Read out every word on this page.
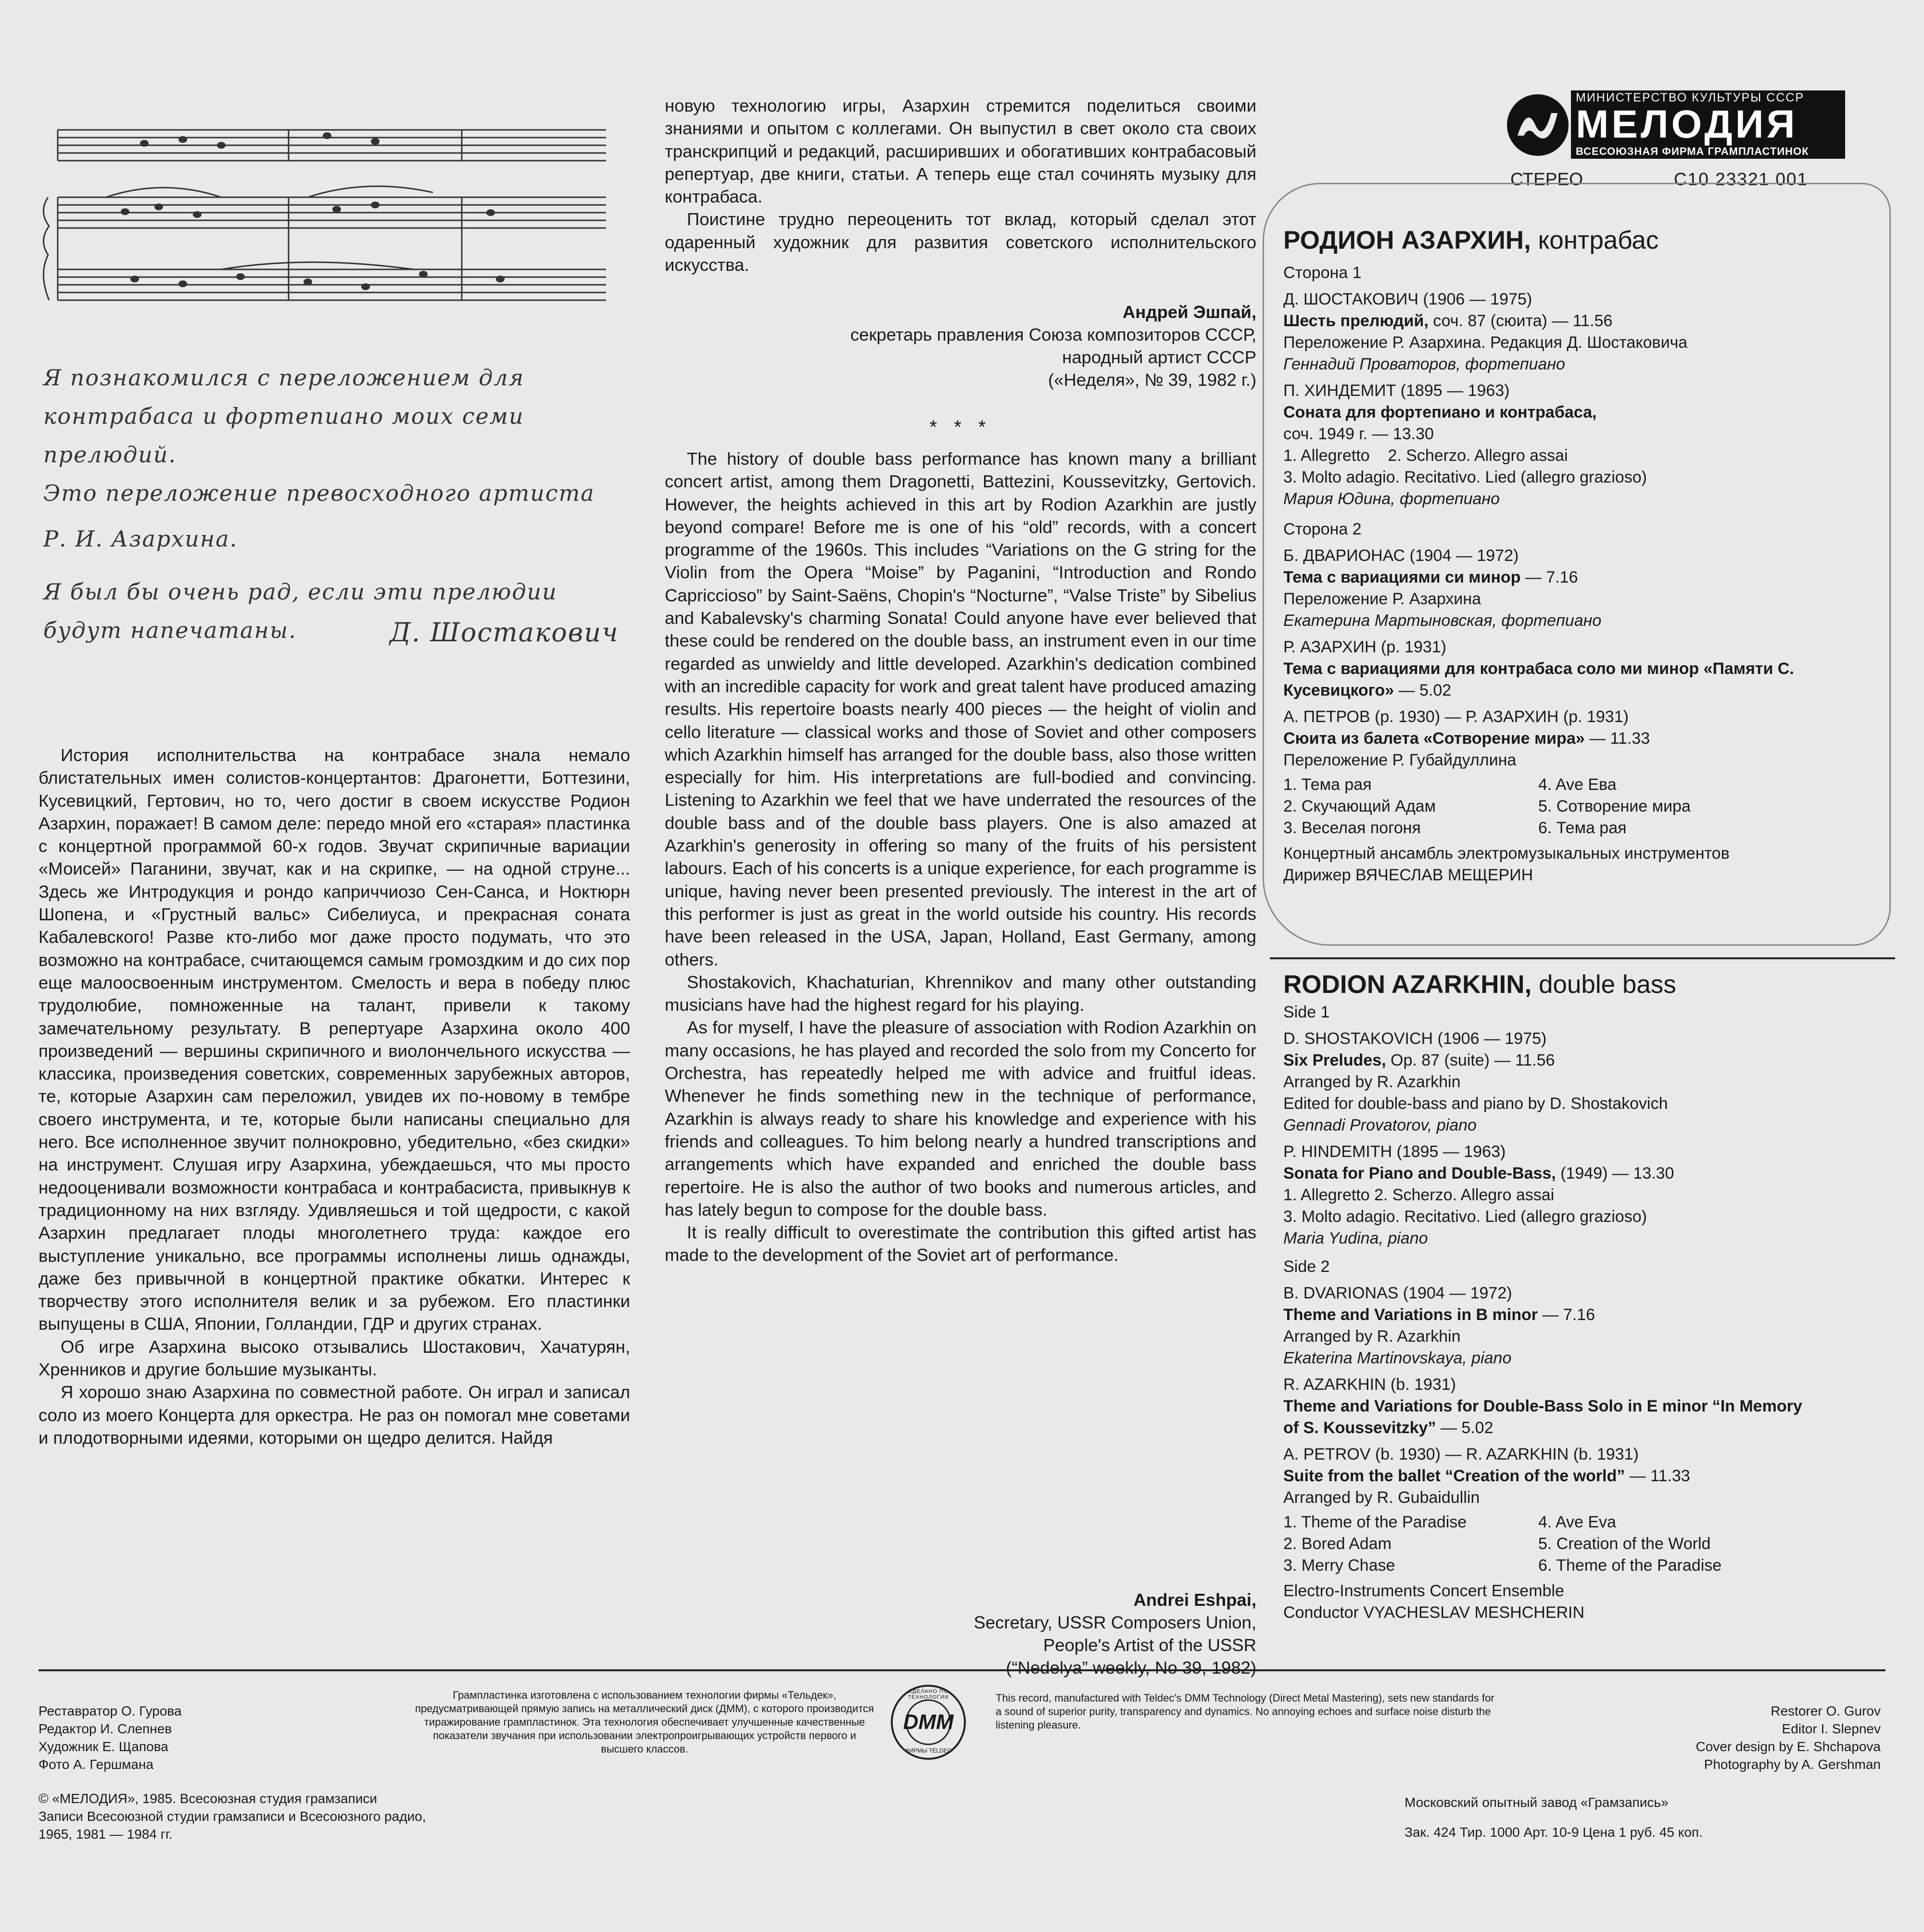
МИНИСТЕРСТВО КУЛЬТУРЫ СССР
МЕЛОДИЯ
ВСЕСОЮЗНАЯ ФИРМА ГРАМПЛАСТИНОК
СТЕРЕО	С10 23321 001
Я познакомился с переложением для
контрабаса и фортепиано моих семи
прелюдий.
Это переложение превосходного артиста
Р. И. Азархина.
Я был бы очень рад, если эти прелюдии
будут напечатаны.	Д. Шостакович

История исполнительства на контрабасе знала немало блистательных имен солистов-концертантов: Драгонетти, Боттезини, Кусевицкий, Гертович, но то, чего достиг в своем искусстве Родион Азархин, поражает! В самом деле: передо мной его «старая» пластинка с концертной программой 60-х годов. Звучат скрипичные вариации «Моисей» Паганини, звучат, как и на скрипке, — на одной струне... Здесь же Интродукция и рондо каприччиозо Сен-Санса, и Ноктюрн Шопена, и «Грустный вальс» Сибелиуса, и прекрасная соната Кабалевского! Разве кто-либо мог даже просто подумать, что это возможно на контрабасе, считающемся самым громоздким и до сих пор еще малоосвоенным инструментом. Смелость и вера в победу плюс трудолюбие, помноженные на талант, привели к такому замечательному результату. В репертуаре Азархина около 400 произведений — вершины скрипичного и виолончельного искусства — классика, произведения советских, современных зарубежных авторов, те, которые Азархин сам переложил, увидев их по-новому в тембре своего инструмента, и те, которые были написаны специально для него. Все исполненное звучит полнокровно, убедительно, «без скидки» на инструмент. Слушая игру Азархина, убеждаешься, что мы просто недооценивали возможности контрабаса и контрабасиста, привыкнув к традиционному на них взгляду. Удивляешься и той щедрости, с какой Азархин предлагает плоды многолетнего труда: каждое его выступление уникально, все программы исполнены лишь однажды, даже без привычной в концертной практике обкатки. Интерес к творчеству этого исполнителя велик и за рубежом. Его пластинки выпущены в США, Японии, Голландии, ГДР и других странах.

Об игре Азархина высоко отзывались Шостакович, Хачатурян, Хренников и другие большие музыканты.

Я хорошо знаю Азархина по совместной работе. Он играл и записал соло из моего Концерта для оркестра. Не раз он помогал мне советами и плодотворными идеями, которыми он щедро делится. Найдя

новую технологию игры, Азархин стремится поделиться своими знаниями и опытом с коллегами. Он выпустил в свет около ста своих транскрипций и редакций, расширивших и обогативших контрабасовый репертуар, две книги, статьи. А теперь еще стал сочинять музыку для контрабаса.

Поистине трудно переоценить тот вклад, который сделал этот одаренный художник для развития советского исполнительского искусства.

Андрей Эшпай,
секретарь правления Союза композиторов СССР,
народный артист СССР
(«Неделя», № 39, 1982 г.)
* * *

The history of double bass performance has known many a brilliant concert artist, among them Dragonetti, Battezini, Koussevitzky, Gertovich. However, the heights achieved in this art by Rodion Azarkhin are justly beyond compare! Before me is one of his “old” records, with a concert programme of the 1960s. This includes “Variations on the G string for the Violin from the Opera “Moise” by Paganini, “Introduction and Rondo Capriccioso” by Saint-Saëns, Chopin's “Nocturne”, “Valse Triste” by Sibelius and Kabalevsky's charming Sonata! Could anyone have ever believed that these could be rendered on the double bass, an instrument even in our time regarded as unwieldy and little developed. Azarkhin's dedication combined with an incredible capacity for work and great talent have produced amazing results. His repertoire boasts nearly 400 pieces — the height of violin and cello literature — classical works and those of Soviet and other composers which Azarkhin himself has arranged for the double bass, also those written especially for him. His interpretations are full-bodied and convincing. Listening to Azarkhin we feel that we have underrated the resources of the double bass and of the double bass players. One is also amazed at Azarkhin's generosity in offering so many of the fruits of his persistent labours. Each of his concerts is a unique experience, for each programme is unique, having never been presented previously. The interest in the art of this performer is just as great in the world outside his country. His records have been released in the USA, Japan, Holland, East Germany, among others.

Shostakovich, Khachaturian, Khrennikov and many other outstanding musicians have had the highest regard for his playing.

As for myself, I have the pleasure of association with Rodion Azarkhin on many occasions, he has played and recorded the solo from my Concerto for Orchestra, has repeatedly helped me with advice and fruitful ideas. Whenever he finds something new in the technique of performance, Azarkhin is always ready to share his knowledge and experience with his friends and colleagues. To him belong nearly a hundred transcriptions and arrangements which have expanded and enriched the double bass repertoire. He is also the author of two books and numerous articles, and has lately begun to compose for the double bass.

It is really difficult to overestimate the contribution this gifted artist has made to the development of the Soviet art of performance.

Andrei Eshpai,
Secretary, USSR Composers Union,
People's Artist of the USSR
(“Nedelya” weekly, No 39, 1982)
РОДИОН АЗАРХИН, контрабас
Сторона 1
Д. ШОСТАКОВИЧ (1906 — 1975)
Шесть прелюдий, соч. 87 (сюита) — 11.56
Переложение Р. Азархина. Редакция Д. Шостаковича
Геннадий Проваторов, фортепиано
П. ХИНДЕМИТ (1895 — 1963)
Соната для фортепиано и контрабаса,
соч. 1949 г. — 13.30
1. Allegretto    2. Scherzo. Allegro assai
3. Molto adagio. Recitativo. Lied (allegro grazioso)
Мария Юдина, фортепиано
Сторона 2
Б. ДВАРИОНАС (1904 — 1972)
Тема с вариациями си минор — 7.16
Переложение Р. Азархина
Екатерина Мартыновская, фортепиано
Р. АЗАРХИН (р. 1931)
Тема с вариациями для контрабаса соло ми минор «Памяти С. Кусевицкого» — 5.02
А. ПЕТРОВ (р. 1930) — Р. АЗАРХИН (р. 1931)
Сюита из балета «Сотворение мира» — 11.33
Переложение Р. Губайдуллина
1. Тема рая
2. Скучающий Адам
3. Веселая погоня
4. Ave Ева
5. Сотворение мира
6. Тема рая
Концертный ансамбль электромузыкальных инструментов
Дирижер ВЯЧЕСЛАВ МЕЩЕРИН
RODION AZARKHIN, double bass
Side 1
D. SHOSTAKOVICH (1906 — 1975)
Six Preludes, Op. 87 (suite) — 11.56
Arranged by R. Azarkhin
Edited for double-bass and piano by D. Shostakovich
Gennadi Provatorov, piano
P. HINDEMITH (1895 — 1963)
Sonata for Piano and Double-Bass, (1949) — 13.30
1. Allegretto 2. Scherzo. Allegro assai
3. Molto adagio. Recitativo. Lied (allegro grazioso)
Maria Yudina, piano
Side 2
B. DVARIONAS (1904 — 1972)
Theme and Variations in B minor — 7.16
Arranged by R. Azarkhin
Ekaterina Martinovskaya, piano
R. AZARKHIN (b. 1931)
Theme and Variations for Double-Bass Solo in E minor “In Memory of S. Koussevitzky” — 5.02
A. PETROV (b. 1930) — R. AZARKHIN (b. 1931)
Suite from the ballet “Creation of the world” — 11.33
Arranged by R. Gubaidullin
1. Theme of the Paradise
2. Bored Adam
3. Merry Chase
4. Ave Eva
5. Creation of the World
6. Theme of the Paradise
Electro-Instruments Concert Ensemble
Conductor VYACHESLAV MESHCHERIN
Реставратор О. Гурова
Редактор И. Слепнев
Художник Е. Щапова
Фото А. Гершмана
Грампластинка изготовлена с использованием технологии фирмы «Тельдек», предусматривающей прямую запись на металлический диск (ДММ), с которого производится тиражирование грампластинок. Эта технология обеспечивает улучшенные качественные показатели звучания при использовании электропроигрывающих устройств первого и высшего классов.
DMM
СДЕЛАНО ПО ТЕХНОЛОГИИ
ФИРМЫ TELDEC
This record, manufactured with Teldec's DMM Technology (Direct Metal Mastering), sets new standards for a sound of superior purity, transparency and dynamics. No annoying echoes and surface noise disturb the listening pleasure.
Restorer O. Gurov
Editor I. Slepnev
Cover design by E. Shchapova
Photography by A. Gershman
© «МЕЛОДИЯ», 1985. Всесоюзная студия грамзаписи
Записи Всесоюзной студии грамзаписи и Всесоюзного радио,
1965, 1981 — 1984 гг.
Московский опытный завод «Грамзапись»
Зак. 424 Тир. 1000 Арт. 10-9 Цена 1 руб. 45 коп.
